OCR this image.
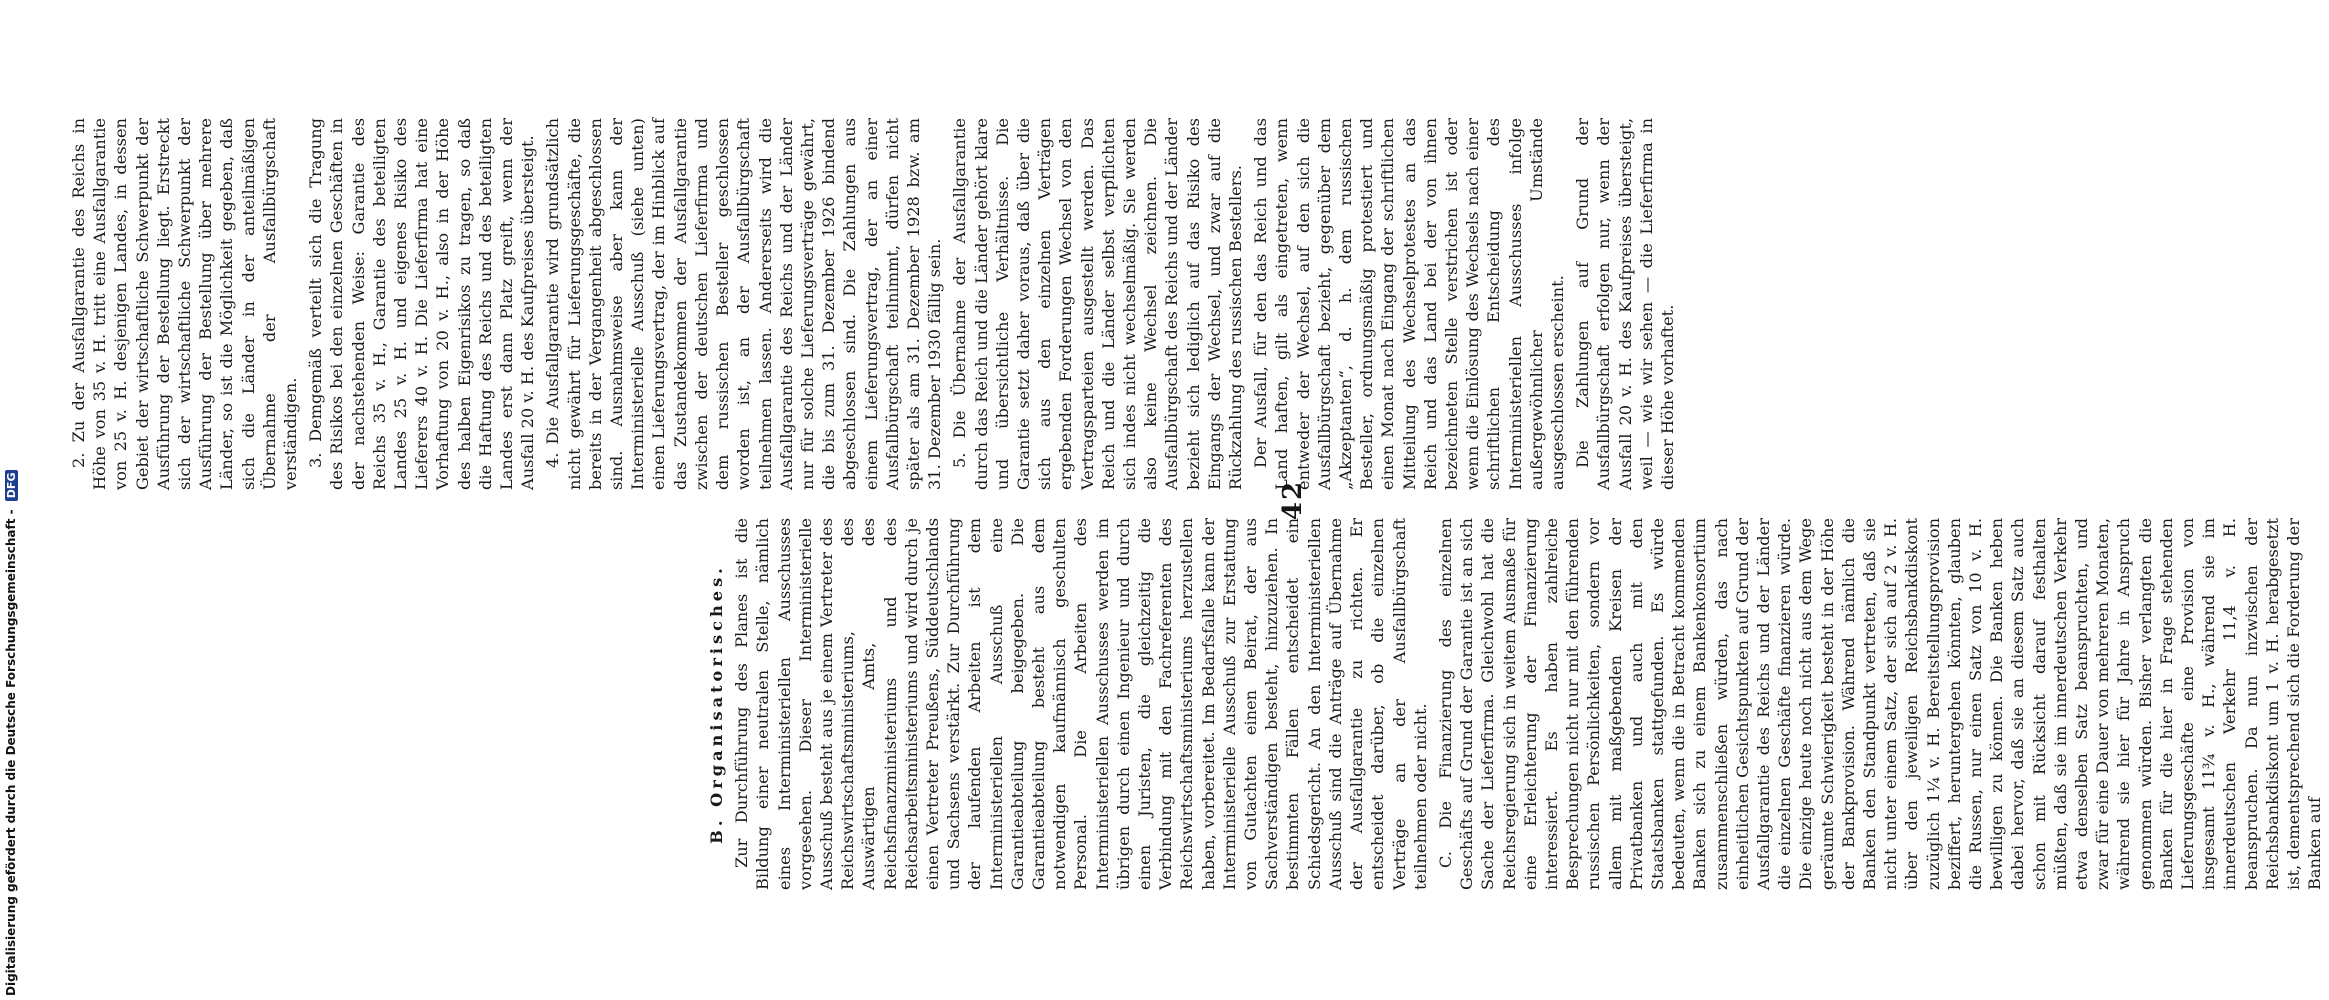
Digitalisierung gefördert durch die Deutsche Forschungsgemeinschaft - DFG	42

2. Zu der Ausfallgarantie des Reichs in Höhe von 35 v. H. tritt eine Ausfallgarantie von 25 v. H. desjenigen Landes, in dessen Gebiet der wirtschaftliche Schwerpunkt der Ausführung der Bestellung liegt. Erstreckt sich der wirtschaftliche Schwerpunkt der Ausführung der Bestellung über mehrere Länder, so ist die Möglichkeit gegeben, daß sich die Länder in der anteilmäßigen Übernahme der Ausfallbürgschaft verständigen. 3. Demgemäß verteilt sich die Tragung des Risikos bei den einzelnen Geschäften in der nachstehenden Weise: Garantie des Reichs 35 v. H., Garantie des beteiligten Landes 25 v. H. und eigenes Risiko des Lieferers 40 v. H. Die Lieferfirma hat eine Vorhaftung von 20 v. H., also in der Höhe des halben Eigenrisikos zu tragen, so daß die Haftung des Reichs und des beteiligten Landes erst dann Platz greift, wenn der Ausfall 20 v. H. des Kaufpreises übersteigt. 4. Die Ausfallgarantie wird grundsätzlich nicht gewährt für Lieferungsgeschäfte, die bereits in der Vergangenheit abgeschlossen sind. Ausnahmsweise aber kann der Interministerielle Ausschuß (siehe unten) einen Lieferungsvertrag, der im Hinblick auf das Zustandekommen der Ausfallgarantie zwischen der deutschen Lieferfirma und dem russischen Besteller geschlossen worden ist, an der Ausfallbürgschaft teilnehmen lassen. Andererseits wird die Ausfallgarantie des Reichs und der Länder nur für solche Lieferungsverträge gewährt, die bis zum 31. Dezember 1926 bindend abgeschlossen sind. Die Zahlungen aus einem Lieferungsvertrag, der an einer Ausfallbürgschaft teilnimmt, dürfen nicht später als am 31. Dezember 1928 bzw. am 31. Dezember 1930 fällig sein. 5. Die Übernahme der Ausfallgarantie durch das Reich und die Länder gehört klare und übersichtliche Verhältnisse. Die Garantie setzt daher voraus, daß über die sich aus den einzelnen Verträgen ergebenden Forderungen Wechsel von den Vertragsparteien ausgestellt werden. Das Reich und die Länder selbst verpflichten sich indes nicht wechselmäßig. Sie werden also keine Wechsel zeichnen. Die Ausfallbürgschaft des Reichs und der Länder bezieht sich lediglich auf das Risiko des Eingangs der Wechsel, und zwar auf die Rückzahlung des russischen Bestellers. Der Ausfall, für den das Reich und das Land haften, gilt als eingetreten, wenn entweder der Wechsel, auf den sich die Ausfallbürgschaft bezieht, gegenüber dem „Akzeptanten“, d. h. dem russischen Besteller, ordnungsmäßig protestiert und einen Monat nach Eingang der schriftlichen Mitteilung des Wechselprotestes an das Reich und das Land bei der von ihnen bezeichneten Stelle verstrichen ist oder wenn die Einlösung des Wechsels nach einer schriftlichen Entscheidung des Interministeriellen Ausschusses infolge außergewöhnlicher Umstände ausgeschlossen erscheint. Die Zahlungen auf Grund der Ausfallbürgschaft erfolgen nur, wenn der Ausfall 20 v. H. des Kaufpreises übersteigt, weil — wie wir sehen — die Lieferfirma in dieser Höhe vorhaftet.

B. Organisatorisches. Zur Durchführung des Planes ist die Bildung einer neutralen Stelle, nämlich eines Interministeriellen Ausschusses vorgesehen. Dieser Interministerielle Ausschuß besteht aus je einem Vertreter des Reichswirtschaftsministeriums, des Auswärtigen Amts, des Reichsfinanzministeriums und des Reichsarbeitsministeriums und wird durch je einen Vertreter Preußens, Süddeutschlands und Sachsens verstärkt. Zur Durchführung der laufenden Arbeiten ist dem Interministeriellen Ausschuß eine Garantieabteilung beigegeben. Die Garantieabteilung besteht aus dem notwendigen kaufmännisch geschulten Personal. Die Arbeiten des Interministeriellen Ausschusses werden im übrigen durch einen Ingenieur und durch einen Juristen, die gleichzeitig die Verbindung mit den Fachreferenten des Reichswirtschaftsministeriums herzustellen haben, vorbereitet. Im Bedarfsfalle kann der Interministerielle Ausschuß zur Erstattung von Gutachten einen Beirat, der aus Sachverständigen besteht, hinzuziehen. In bestimmten Fällen entscheidet ein Schiedsgericht. An den Interministeriellen Ausschuß sind die Anträge auf Übernahme der Ausfallgarantie zu richten. Er entscheidet darüber, ob die einzelnen Verträge an der Ausfallbürgschaft teilnehmen oder nicht. C. Die Finanzierung des einzelnen Geschäfts auf Grund der Garantie ist an sich Sache der Lieferfirma. Gleichwohl hat die Reichsregierung sich in weitem Ausmaße für eine Erleichterung der Finanzierung interessiert. Es haben zahlreiche Besprechungen nicht nur mit den führenden russischen Persönlichkeiten, sondern vor allem mit maßgebenden Kreisen der Privatbanken und auch mit den Staatsbanken stattgefunden. Es würde bedeuten, wenn die in Betracht kommenden Banken sich zu einem Bankenkonsortium zusammenschließen würden, das nach einheitlichen Gesichtspunkten auf Grund der Ausfallgarantie des Reichs und der Länder die einzelnen Geschäfte finanzieren würde. Die einzige heute noch nicht aus dem Wege geräumte Schwierigkeit besteht in der Höhe der Bankprovision. Während nämlich die Banken den Standpunkt vertreten, daß sie nicht unter einem Satz, der sich auf 2 v. H. über den jeweiligen Reichsbankdiskont zuzüglich 1¼ v. H. Bereitstellungsprovision beziffert, heruntergehen könnten, glauben die Russen, nur einen Satz von 10 v. H. bewilligen zu können. Die Banken heben dabei hervor, daß sie an diesem Satz auch schon mit Rücksicht darauf festhalten müßten, daß sie im innerdeutschen Verkehr etwa denselben Satz beanspruchten, und zwar für eine Dauer von mehreren Monaten, während sie hier für Jahre in Anspruch genommen würden. Bisher verlangten die Banken für die hier in Frage stehenden Lieferungsgeschäfte eine Provision von insgesamt 11¾ v. H., während sie im innerdeutschen Verkehr 11,4 v. H. beanspruchen. Da nun inzwischen der Reichsbankdiskont um 1 v. H. herabgesetzt ist, dementsprechend sich die Forderung der Banken auf
